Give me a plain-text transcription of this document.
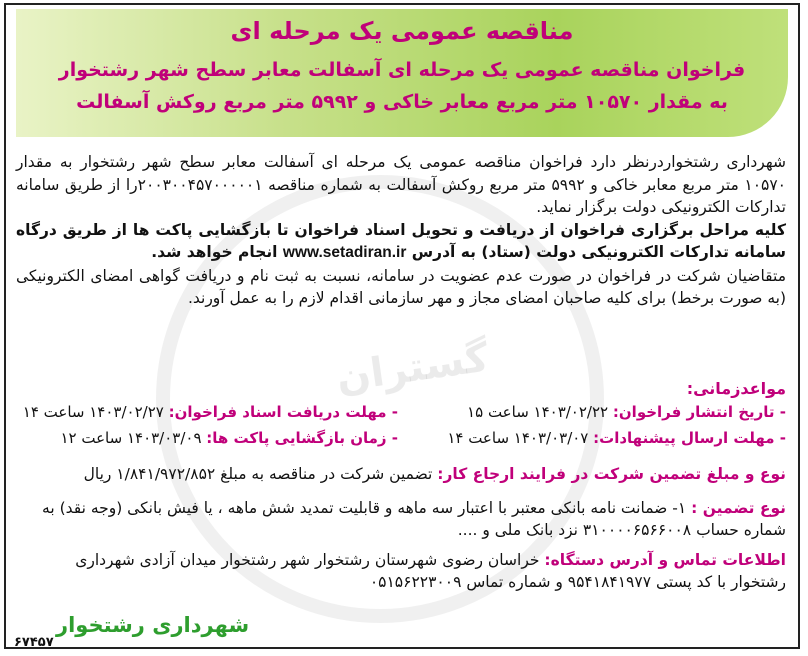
گستران
مناقصه عمومی یک مرحله ای
فراخوان مناقصه عمومی یک مرحله ای آسفالت معابر سطح شهر رشتخوار
به مقدار ۱۰۵۷۰ متر مربع معابر خاکی و ۵۹۹۲ متر مربع روکش آسفالت

شهرداری رشتخواردرنظر دارد فراخوان مناقصه عمومی یک مرحله ای آسفالت معابر سطح شهر رشتخوار به مقدار ۱۰۵۷۰ متر مربع معابر خاکی و ۵۹۹۲ متر مربع روکش آسفالت به شماره مناقصه ۲۰۰۳۰۰۴۵۷۰۰۰۰۰۱را از طریق سامانه تدارکات الکترونیکی دولت برگزار نماید.

کلیه مراحل برگزاری فراخوان از دریافت و تحویل اسناد فراخوان تا بازگشایی پاکت ها از طریق درگاه سامانه تدارکات الکترونیکی دولت (ستاد) به آدرس www.setadiran.ir انجام خواهد شد.

متقاضیان شرکت در فراخوان در صورت عدم عضویت در سامانه، نسبت به ثبت نام و دریافت گواهی امضای الکترونیکی (به صورت برخط) برای کلیه صاحبان امضای مجاز و مهر سازمانی اقدام لازم را به عمل آورند.

مواعدزمانی:
- تاریخ انتشار فراخوان: ۱۴۰۳/۰۲/۲۲ ساعت ۱۵
- مهلت دریافت اسناد فراخوان: ۱۴۰۳/۰۲/۲۷ ساعت ۱۴
- مهلت ارسال پیشنهادات: ۱۴۰۳/۰۳/۰۷ ساعت ۱۴
- زمان بازگشایی پاکت ها: ۱۴۰۳/۰۳/۰۹ ساعت ۱۲
نوع و مبلغ تضمین شرکت در فرایند ارجاع کار: تضمین شرکت در مناقصه به مبلغ ۱/۸۴۱/۹۷۲/۸۵۲ ریال
نوع تضمین : ۱- ضمانت نامه بانکی معتبر با اعتبار سه ماهه و قابلیت تمدید شش ماهه ، یا فیش بانکی (وجه نقد) به شماره حساب ۳۱۰۰۰۰۶۵۶۶۰۰۸ نزد بانک ملی و ....
اطلاعات تماس و آدرس دستگاه: خراسان رضوی شهرستان رشتخوار شهر رشتخوار میدان آزادی شهرداری رشتخوار با کد پستی ۹۵۴۱۸۴۱۹۷۷ و شماره تماس ۰۵۱۵۶۲۲۳۰۰۹
شهرداری رشتخوار
۶۷۴۵۷
